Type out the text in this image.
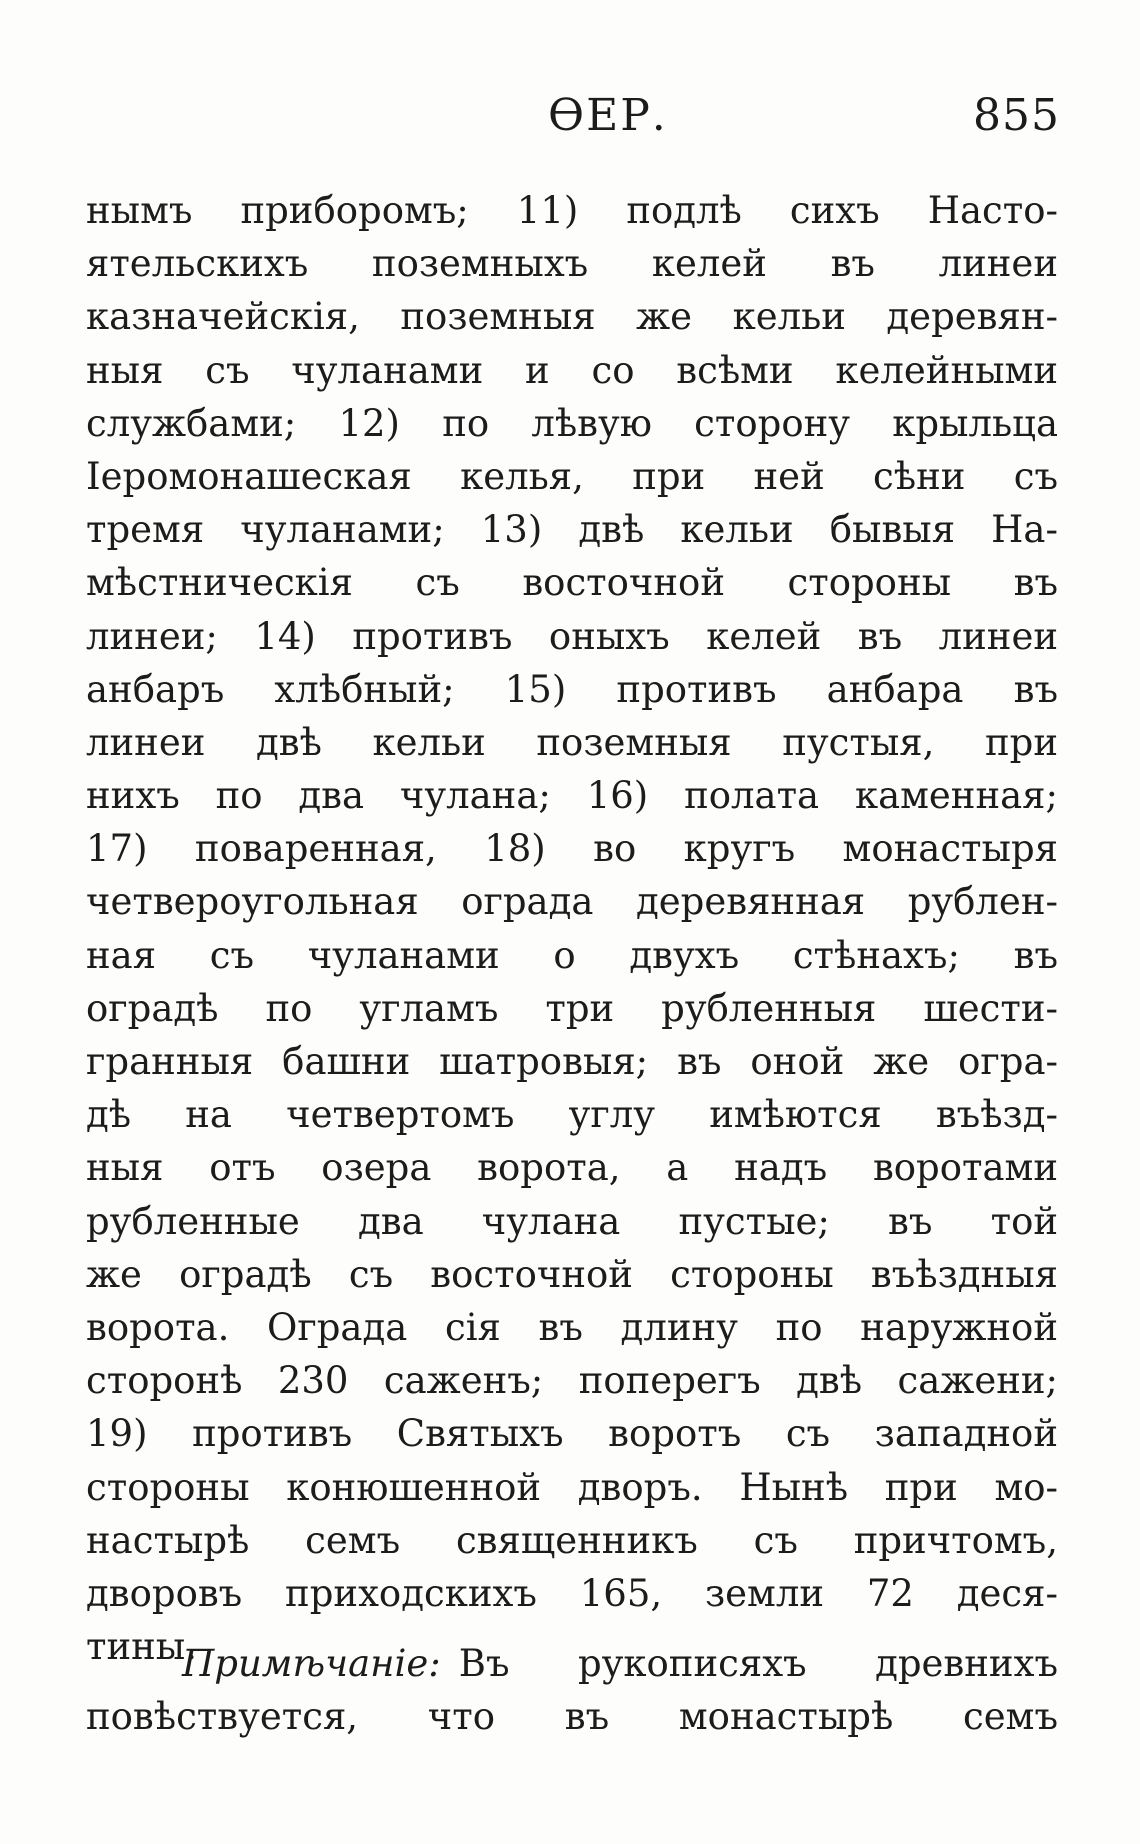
ѲЕР.	855
нымъ приборомъ; 11) подлѣ сихъ Насто-
ятельскихъ поземныхъ келей въ линеи
казначейскія, поземныя же кельи деревян-
ныя съ чуланами и со всѣми келейными
службами; 12) по лѣвую сторону крыльца
Іеромонашеская келья, при ней сѣни съ
тремя чуланами; 13) двѣ кельи бывыя На-
мѣстническія съ восточной стороны въ
линеи; 14) противъ оныхъ келей въ линеи
анбаръ хлѣбный; 15) противъ анбара въ
линеи двѣ кельи поземныя пустыя, при
нихъ по два чулана; 16) полата каменная;
17) поваренная, 18) во кругъ монастыря
четвероугольная ограда деревянная рублен-
ная съ чуланами о двухъ стѣнахъ; въ
оградѣ по угламъ три рубленныя шести-
гранныя башни шатровыя; въ оной же огра-
дѣ на четвертомъ углу имѣются въѣзд-
ныя отъ озера ворота, а надъ воротами
рубленные два чулана пустые; въ той
же оградѣ съ восточной стороны въѣздныя
ворота. Ограда сія въ длину по наружной
сторонѣ 230 саженъ; поперегъ двѣ сажени;
19) противъ Святыхъ воротъ съ западной
стороны конюшенной дворъ. Нынѣ при мо-
настырѣ семъ священникъ съ причтомъ,
дворовъ приходскихъ 165, земли 72 деся-
тины.
Примѣчаніе: Въ рукописяхъ древнихъ
повѣствуется, что въ монастырѣ семъ
